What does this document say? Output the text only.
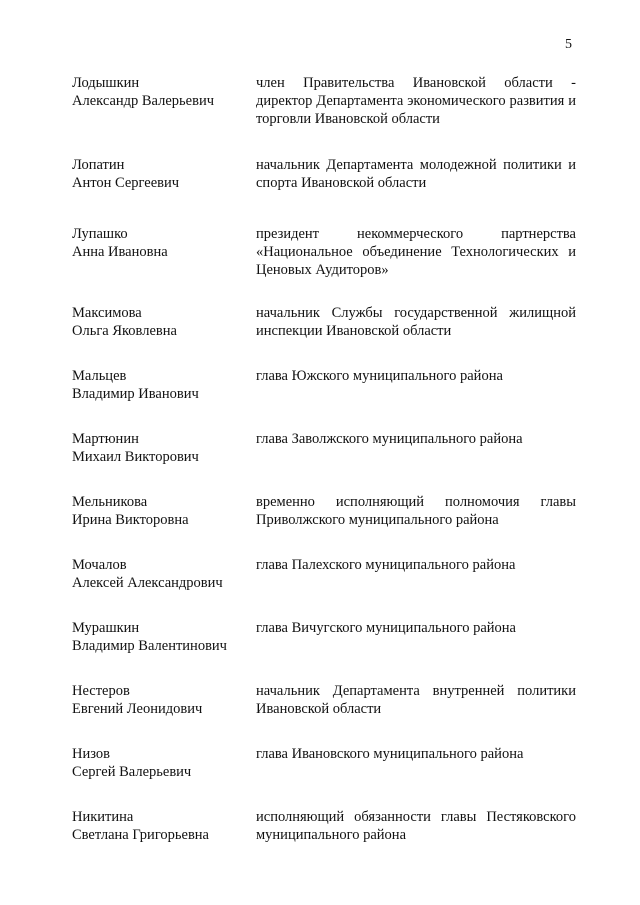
5
Лодышкин
Александр Валерьевич
член Правительства Ивановской области - директор Департамента экономического развития и торговли Ивановской области
Лопатин
Антон Сергеевич
начальник Департамента молодежной политики и спорта Ивановской области
Лупашко
Анна Ивановна
президент некоммерческого партнерства «Национальное объединение Технологических и Ценовых Аудиторов»
Максимова
Ольга Яковлевна
начальник Службы государственной жилищной инспекции Ивановской области
Мальцев
Владимир Иванович
глава Южского муниципального района
Мартюнин
Михаил Викторович
глава Заволжского муниципального района
Мельникова
Ирина Викторовна
временно исполняющий полномочия главы Приволжского муниципального района
Мочалов
Алексей Александрович
глава Палехского муниципального района
Мурашкин
Владимир Валентинович
глава Вичугского муниципального района
Нестеров
Евгений Леонидович
начальник Департамента внутренней политики Ивановской области
Низов
Сергей Валерьевич
глава Ивановского муниципального района
Никитина
Светлана Григорьевна
исполняющий обязанности главы Пестяковского муниципального района
